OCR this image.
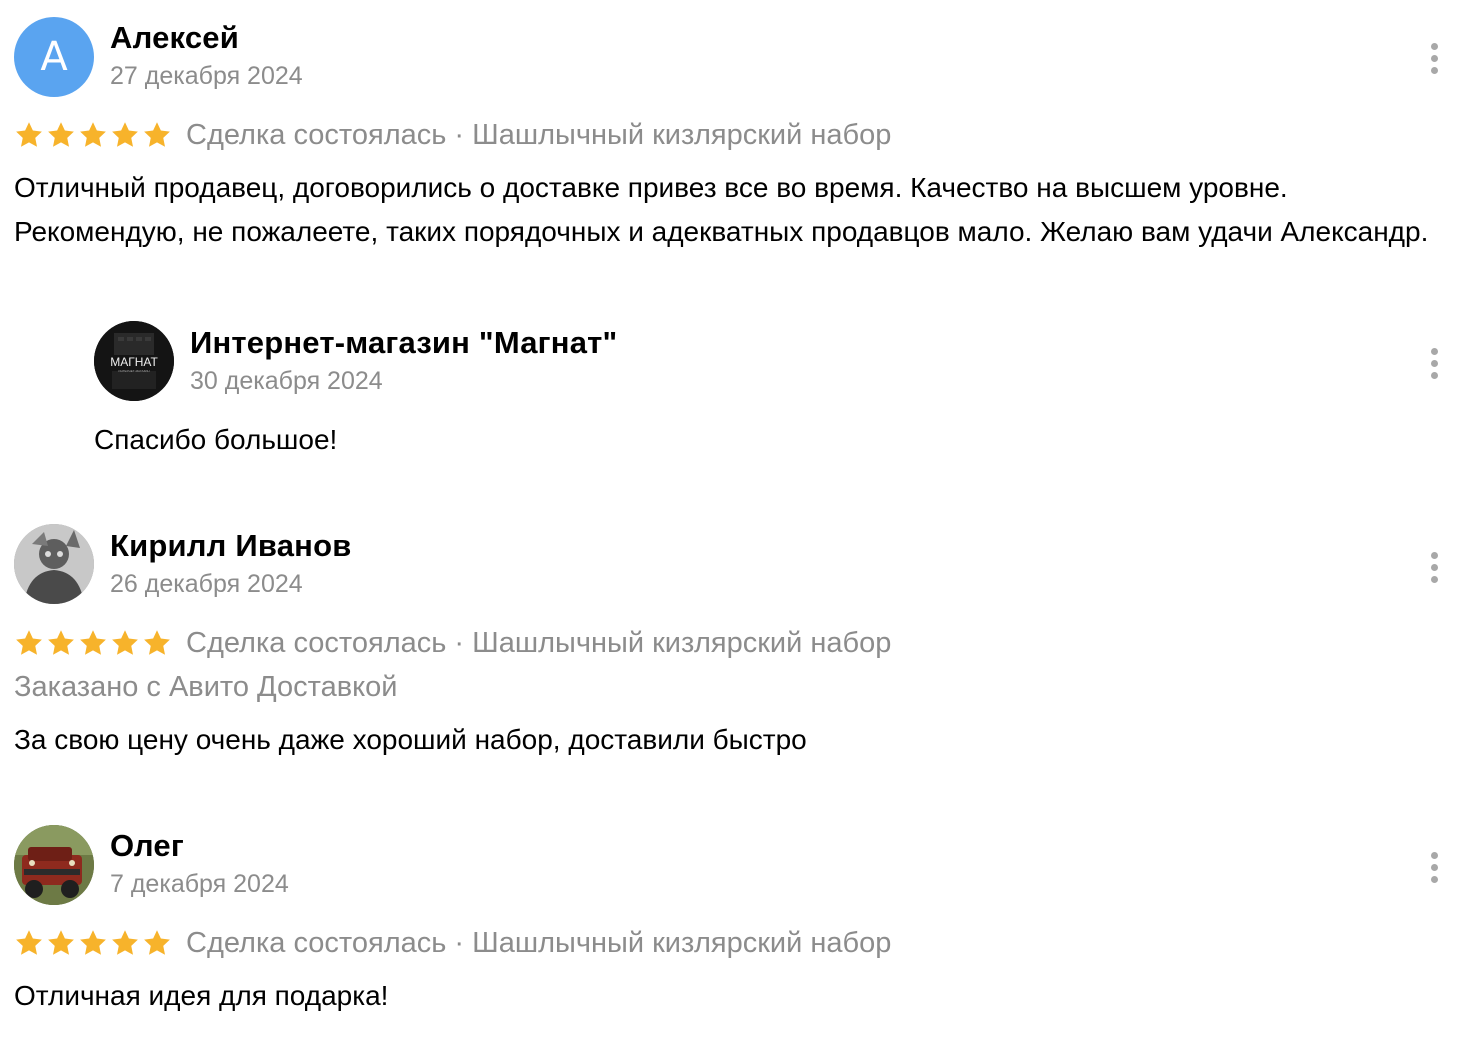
А Алексей
27 декабря 2024
Сделка состоялась · Шашлычный кизлярский набор
Отличный продавец, договорились о доставке привез все во время. Качество на высшем уровне. Рекомендую, не пожалеете, таких порядочных и адекватных продавцов мало. Желаю вам удачи Александр.
МАГНАТ
ИНТЕРНЕТ-МАГАЗИН
Интернет-магазин "Магнат"
30 декабря 2024
Спасибо большое!
Кирилл Иванов
26 декабря 2024
Сделка состоялась · Шашлычный кизлярский набор
Заказано с Авито Доставкой
За свою цену очень даже хороший набор, доставили быстро
Олег
7 декабря 2024
Сделка состоялась · Шашлычный кизлярский набор
Отличная идея для подарка!
